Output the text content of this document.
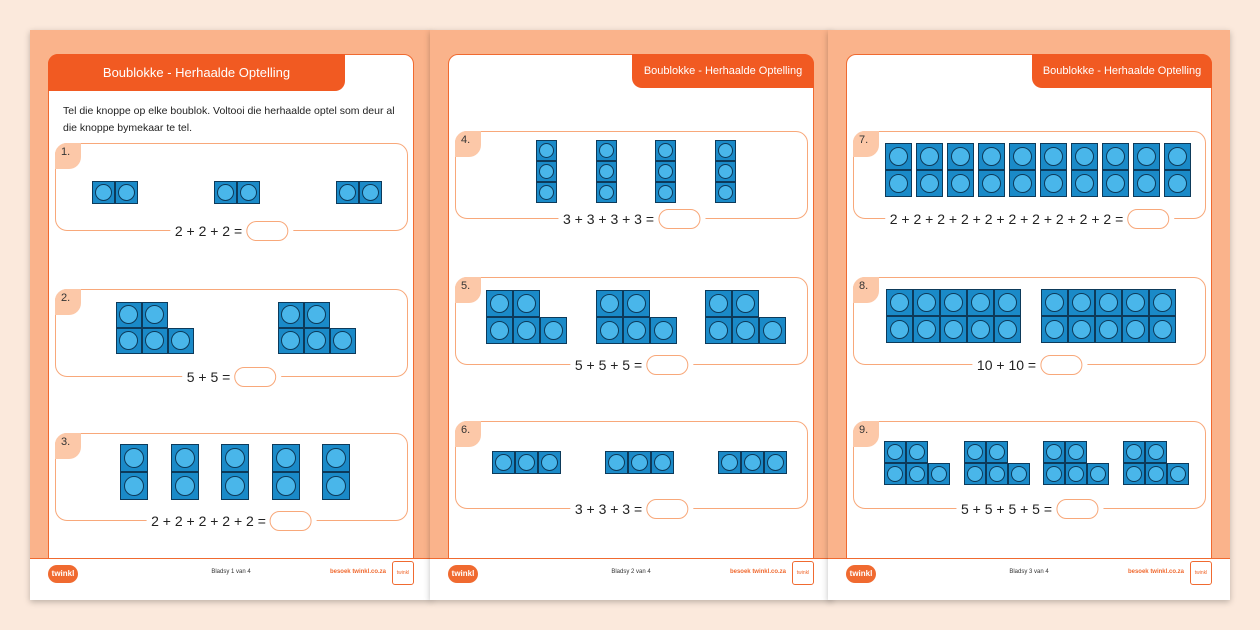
Boublokke - Herhaalde Optelling
Tel die knoppe op elke boublok. Voltooi die herhaalde optel som deur al die knoppe bymekaar te tel.
1.
2 + 2 + 2 =
2.
5 + 5 =
3.
2 + 2 + 2 + 2 + 2 =
twinkl	Bladsy 1 van 4	besoek twinkl.co.za	twinkl
Boublokke - Herhaalde Optelling
4.
3 + 3 + 3 + 3 =
5.
5 + 5 + 5 =
6.
3 + 3 + 3 =
twinkl	Bladsy 2 van 4	besoek twinkl.co.za	twinkl
Boublokke - Herhaalde Optelling
7.
2 + 2 + 2 + 2 + 2 + 2 + 2 + 2 + 2 + 2 =
8.
10 + 10 =
9.
5 + 5 + 5 + 5 =
twinkl	Bladsy 3 van 4	besoek twinkl.co.za	twinkl
